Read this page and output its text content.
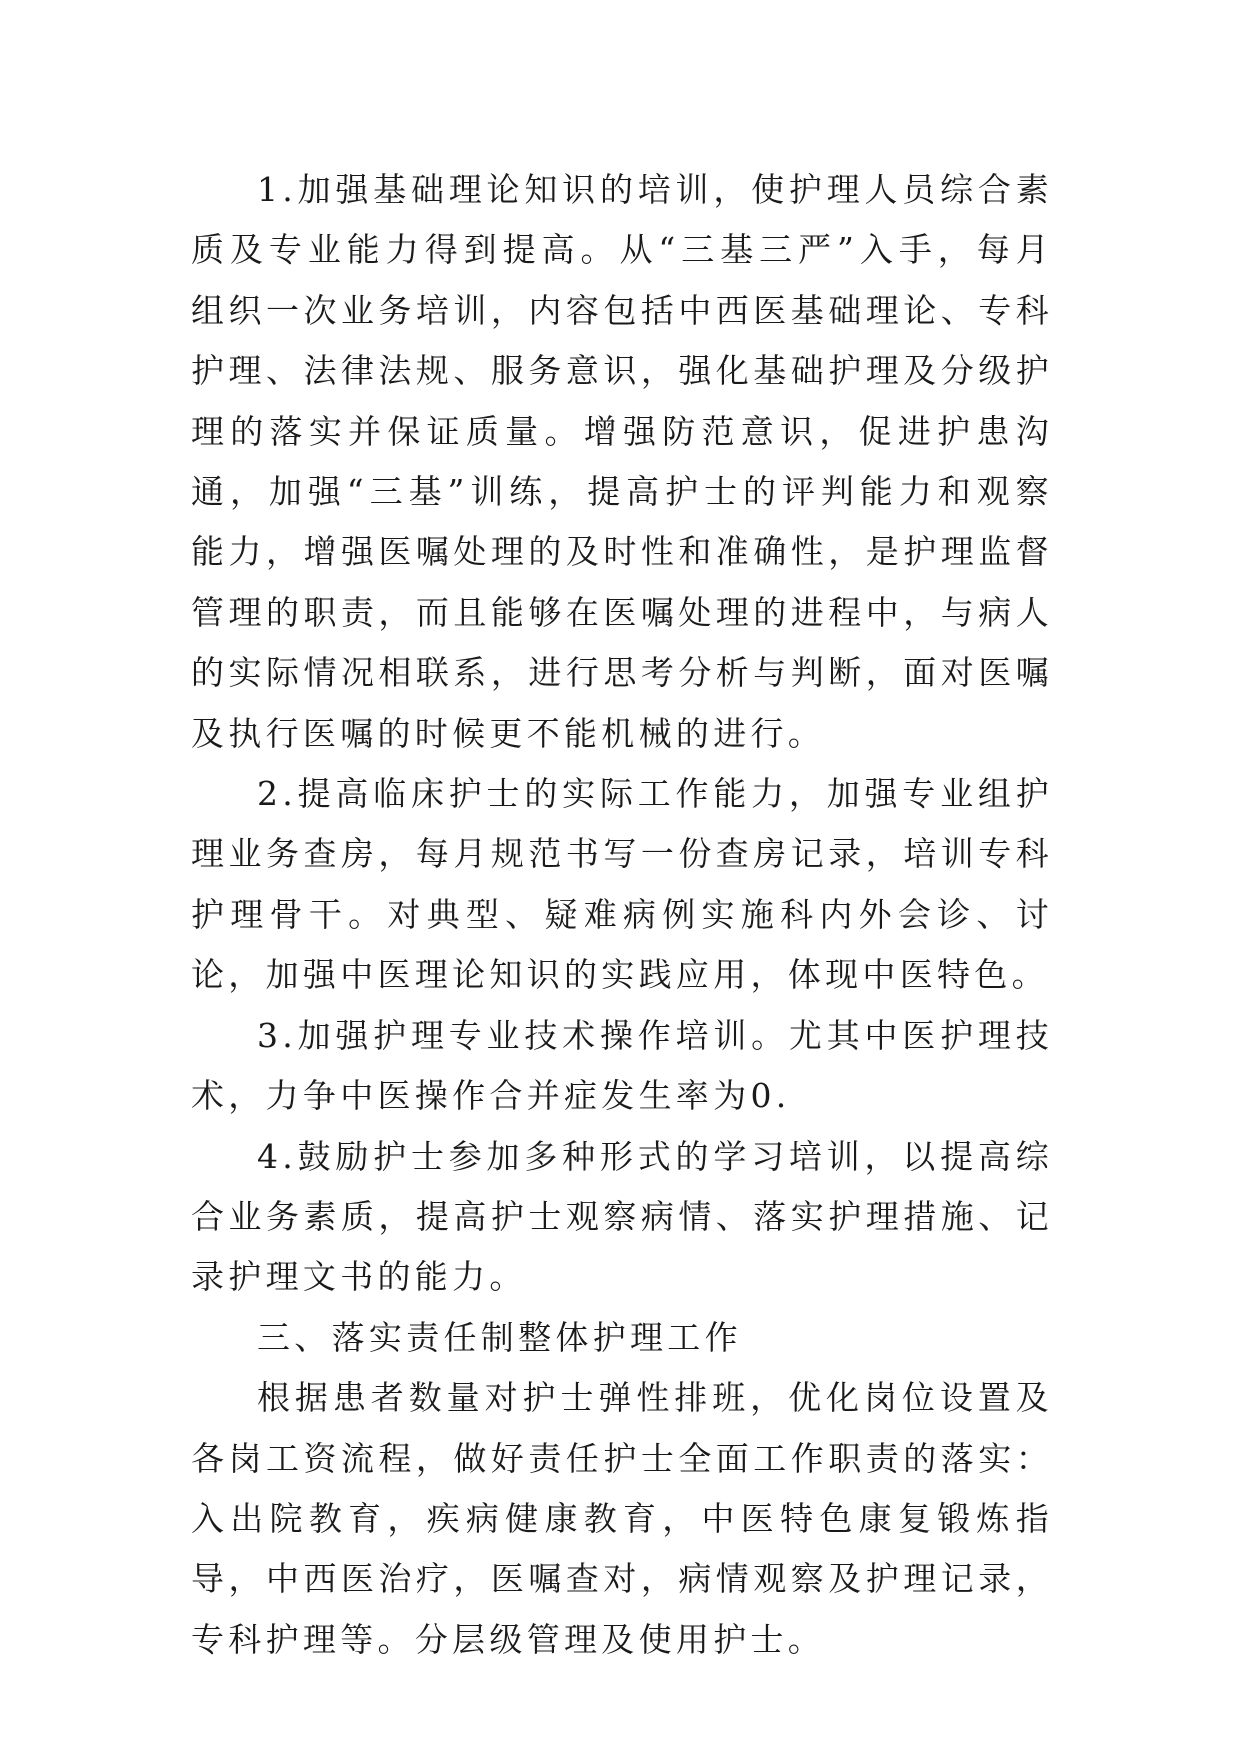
1.加强基础理论知识的培训，使护理人员综合素质及专业能力得到提高。从“三基三严”入手，每月组织一次业务培训，内容包括中西医基础理论、专科护理、法律法规、服务意识，强化基础护理及分级护理的落实并保证质量。增强防范意识，促进护患沟通，加强“三基”训练，提高护士的评判能力和观察能力，增强医嘱处理的及时性和准确性，是护理监督管理的职责，而且能够在医嘱处理的进程中，与病人的实际情况相联系，进行思考分析与判断，面对医嘱及执行医嘱的时候更不能机械的进行。

2.提高临床护士的实际工作能力，加强专业组护理业务查房，每月规范书写一份查房记录，培训专科护理骨干。对典型、疑难病例实施科内外会诊、讨论，加强中医理论知识的实践应用，体现中医特色。

3.加强护理专业技术操作培训。尤其中医护理技术，力争中医操作合并症发生率为0.

4.鼓励护士参加多种形式的学习培训，以提高综合业务素质，提高护士观察病情、落实护理措施、记录护理文书的能力。

三、落实责任制整体护理工作

根据患者数量对护士弹性排班，优化岗位设置及各岗工资流程，做好责任护士全面工作职责的落实：入出院教育，疾病健康教育，中医特色康复锻炼指导，中西医治疗，医嘱查对，病情观察及护理记录，专科护理等。分层级管理及使用护士。
